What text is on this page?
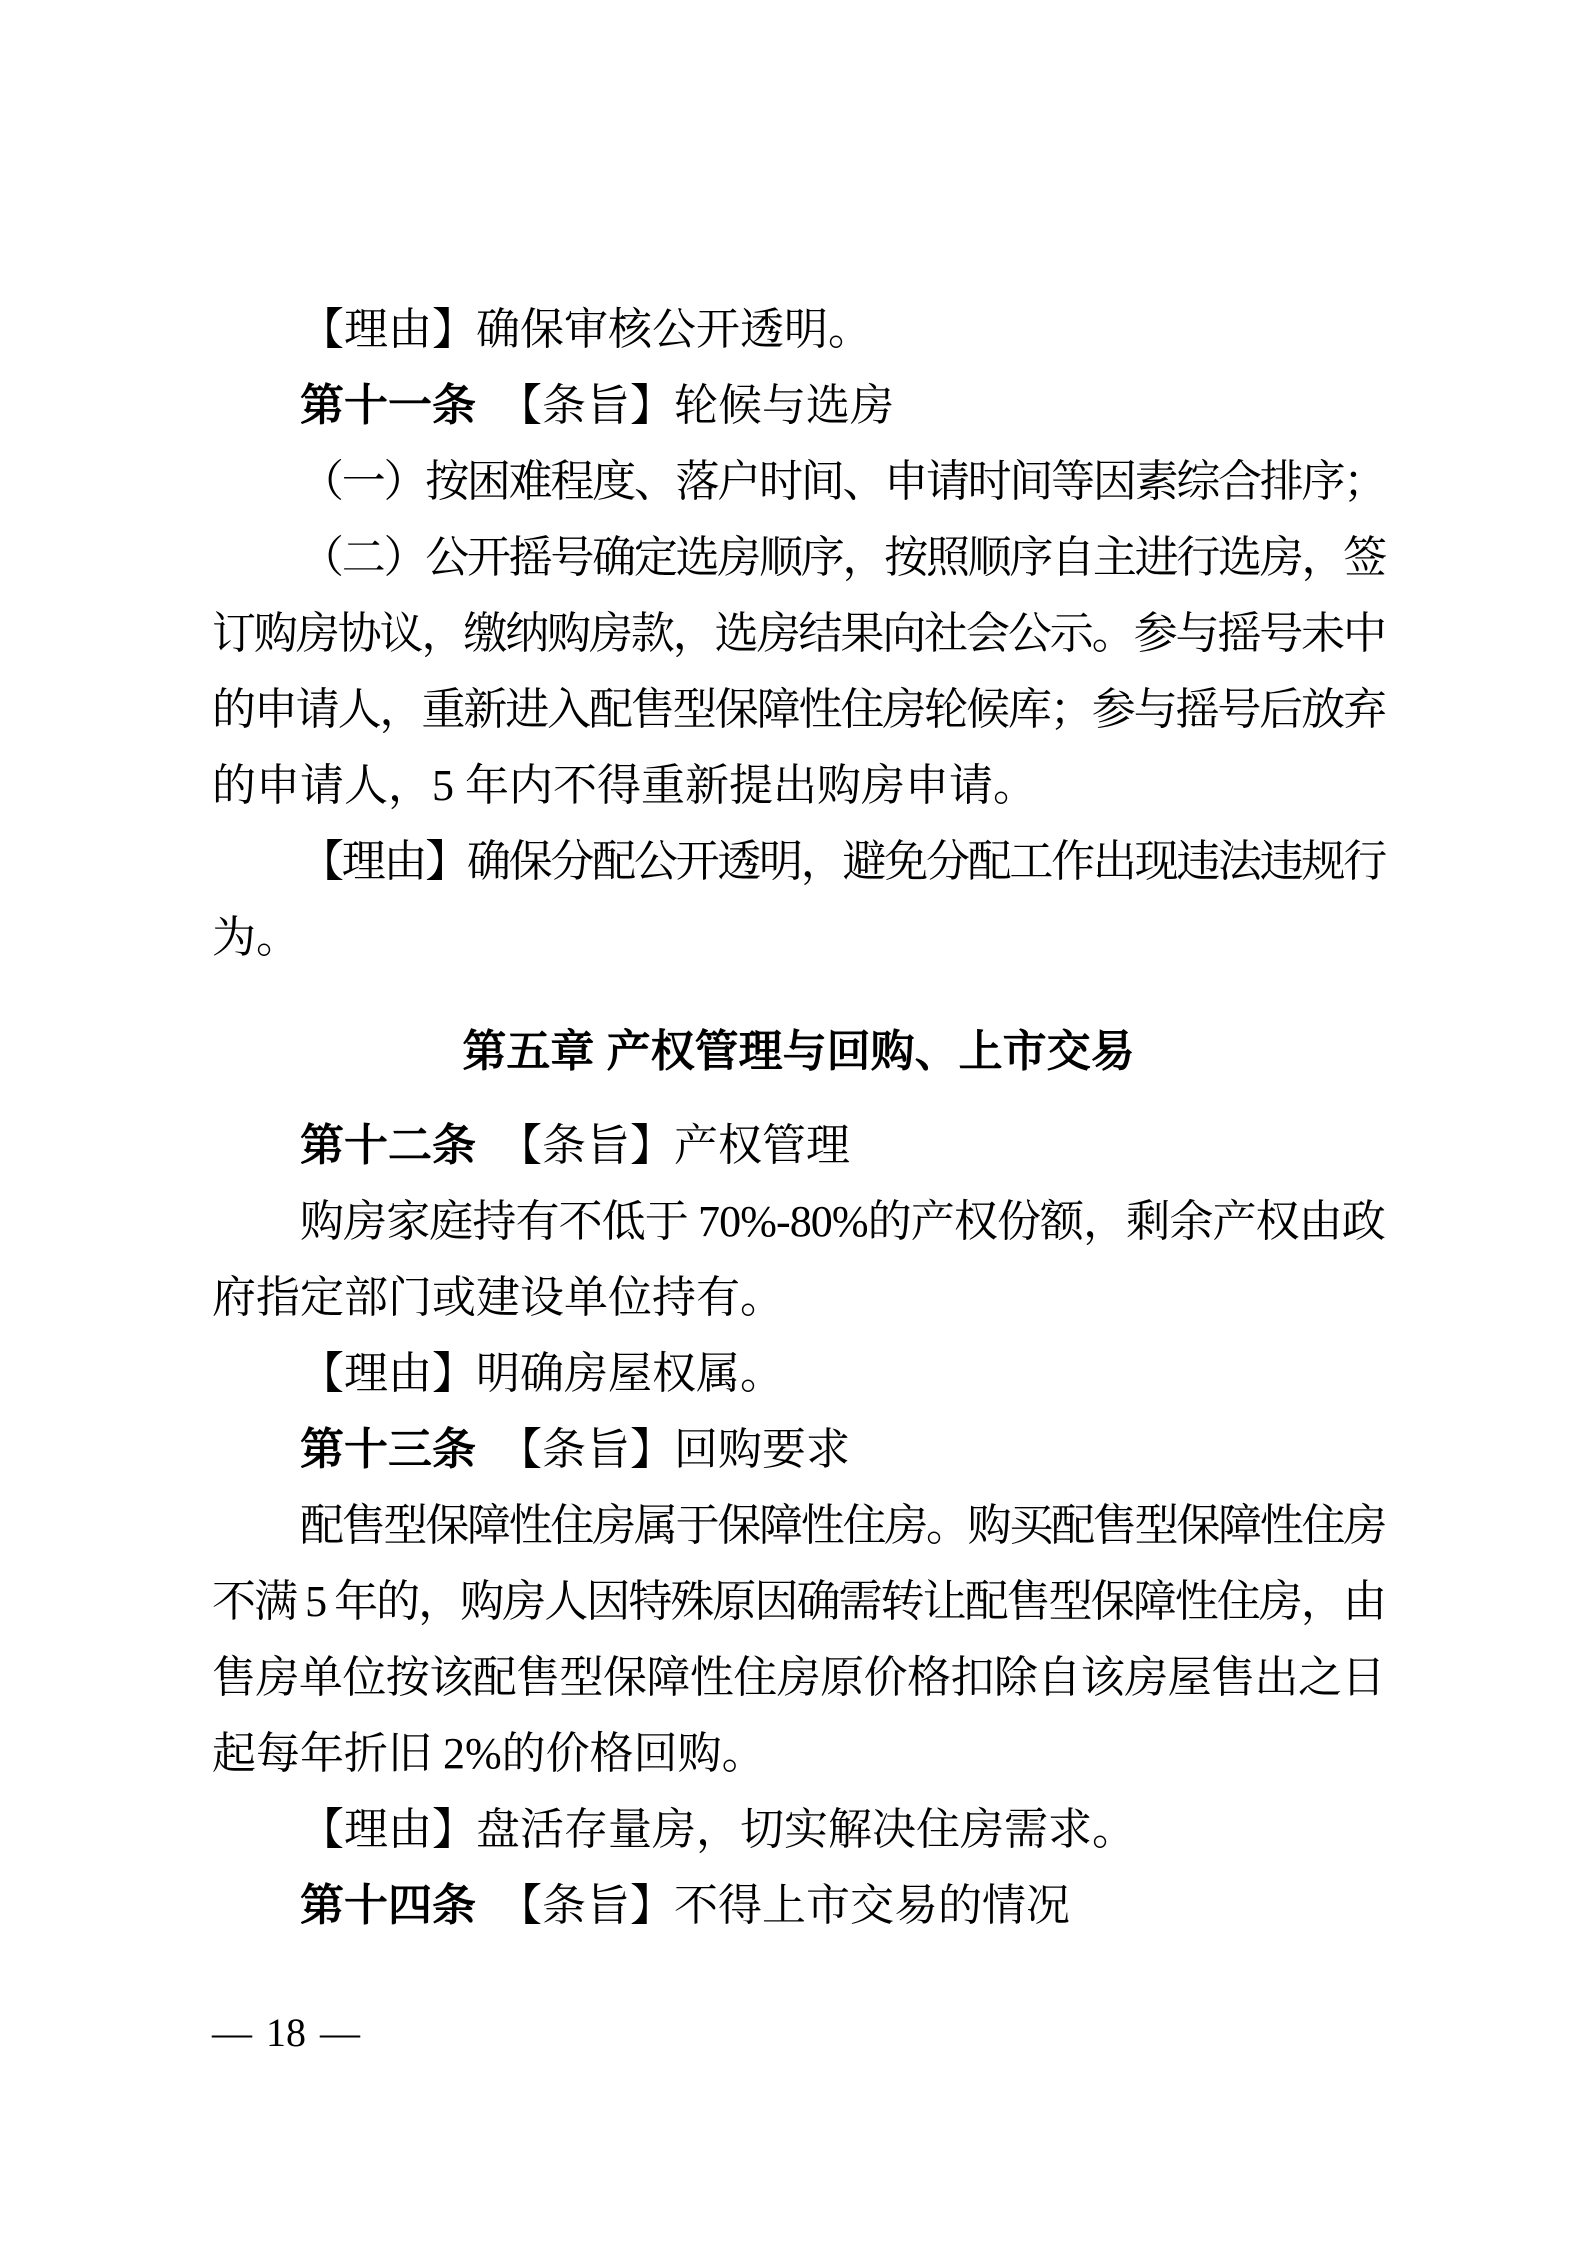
【理由】确保审核公开透明。
第十一条　【条旨】轮候与选房
（一）按困难程度、落户时间、申请时间等因素综合排序；
（二）公开摇号确定选房顺序，按照顺序自主进行选房，签
订购房协议，缴纳购房款，选房结果向社会公示。参与摇号未中
的申请人，重新进入配售型保障性住房轮候库；参与摇号后放弃
的申请人，5 年内不得重新提出购房申请。
【理由】确保分配公开透明，避免分配工作出现违法违规行
为。
第五章 产权管理与回购、上市交易
第十二条　【条旨】产权管理
购房家庭持有不低于 70%-80%的产权份额，剩余产权由政
府指定部门或建设单位持有。
【理由】明确房屋权属。
第十三条　【条旨】回购要求
配售型保障性住房属于保障性住房。购买配售型保障性住房
不满 5 年的，购房人因特殊原因确需转让配售型保障性住房，由
售房单位按该配售型保障性住房原价格扣除自该房屋售出之日
起每年折旧 2%的价格回购。
【理由】盘活存量房，切实解决住房需求。
第十四条　【条旨】不得上市交易的情况
— 18 —
